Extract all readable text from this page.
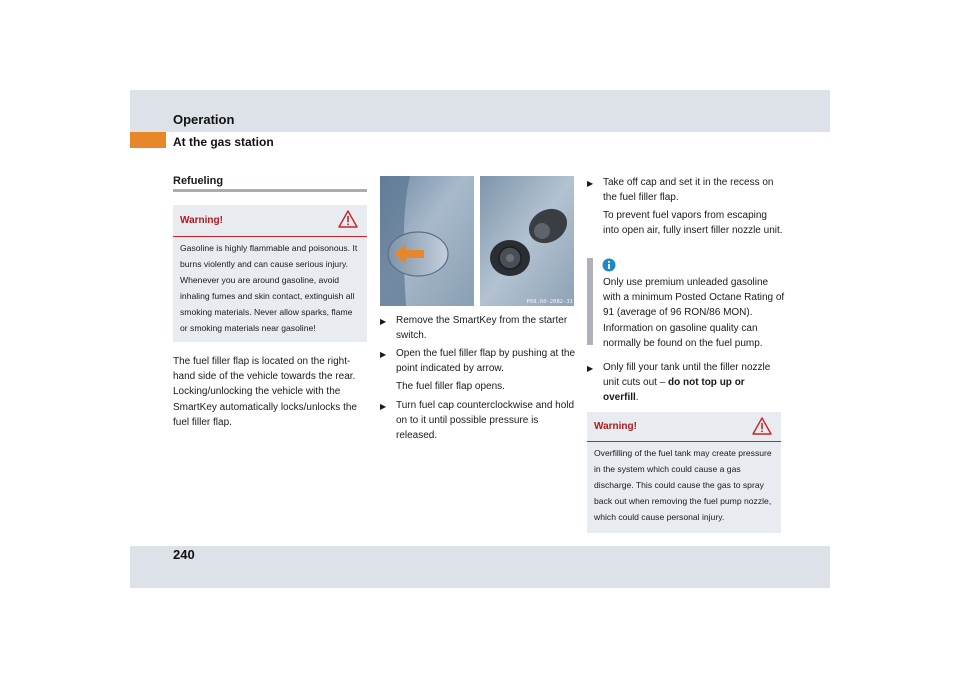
Operation
At the gas station
Refueling
Warning!
Gasoline is highly flammable and poisonous. It burns violently and can cause serious injury. Whenever you are around gasoline, avoid inhaling fumes and skin contact, extinguish all smoking materials. Never allow sparks, flame or smoking materials near gasoline!
The fuel filler flap is located on the right-hand side of the vehicle towards the rear. Locking/unlocking the vehicle with the SmartKey automatically locks/unlocks the fuel filler flap.
P68.60-2082-31
▶ Remove the SmartKey from the starter switch.
▶ Open the fuel filler flap by pushing at the point indicated by arrow.
The fuel filler flap opens.
▶ Turn fuel cap counterclockwise and hold on to it until possible pressure is released.
▶ Take off cap and set it in the recess on the fuel filler flap.
To prevent fuel vapors from escaping into open air, fully insert filler nozzle unit.
Only use premium unleaded gasoline with a minimum Posted Octane Rating of 91 (average of 96 RON/86 MON). Information on gasoline quality can normally be found on the fuel pump.
▶ Only fill your tank until the filler nozzle unit cuts out – do not top up or overfill.
Warning!
Overfilling of the fuel tank may create pressure in the system which could cause a gas discharge. This could cause the gas to spray back out when removing the fuel pump nozzle, which could cause personal injury.
240
